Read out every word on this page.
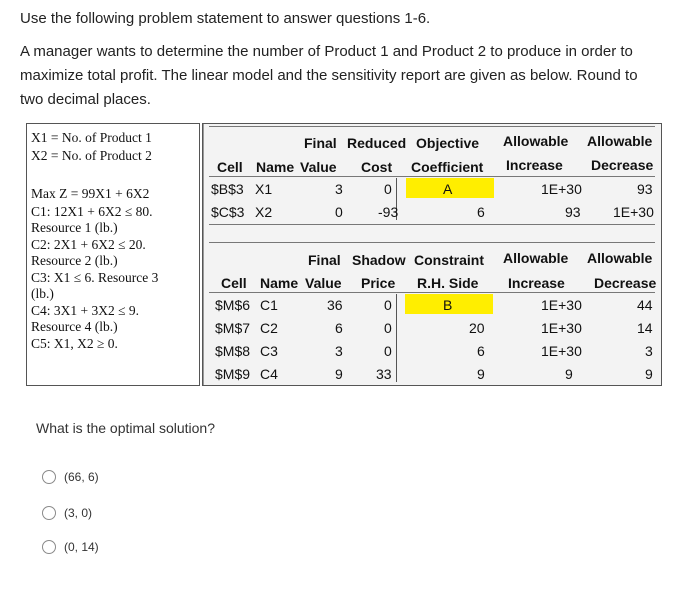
Use the following problem statement to answer questions 1-6.
A manager wants to determine the number of Product 1 and Product 2 to produce in order to maximize total profit. The linear model and the sensitivity report are given as below. Round to two decimal places.
X1 = No. of Product 1
X2 = No. of Product 2
Max Z = 99X1 + 6X2
C1: 12X1 + 6X2 ≤ 80.
Resource 1 (lb.)
C2: 2X1 + 6X2 ≤ 20.
Resource 2 (lb.)
C3: X1 ≤ 6. Resource 3
(lb.)
C4: 3X1 + 3X2 ≤ 9.
Resource 4 (lb.)
C5: X1, X2 ≥ 0.
Final Reduced Objective Allowable Allowable
Cell Name Value Cost Coefficient Increase Decrease
$B$3 X1	3	0	A	1E+30	93
$C$3 X2	0	-93	6	93 1E+30
Final Shadow Constraint Allowable Allowable
Cell Name Value Price R.H. Side Increase Decrease
$M$6 C1	36	0	B	1E+30	44
$M$7 C2	6	0	20	1E+30	14
$M$8 C3	3	0	6	1E+30	3
$M$9 C4	9 33	9	9	9
What is the optimal solution?
(66, 6)
(3, 0)
(0, 14)
